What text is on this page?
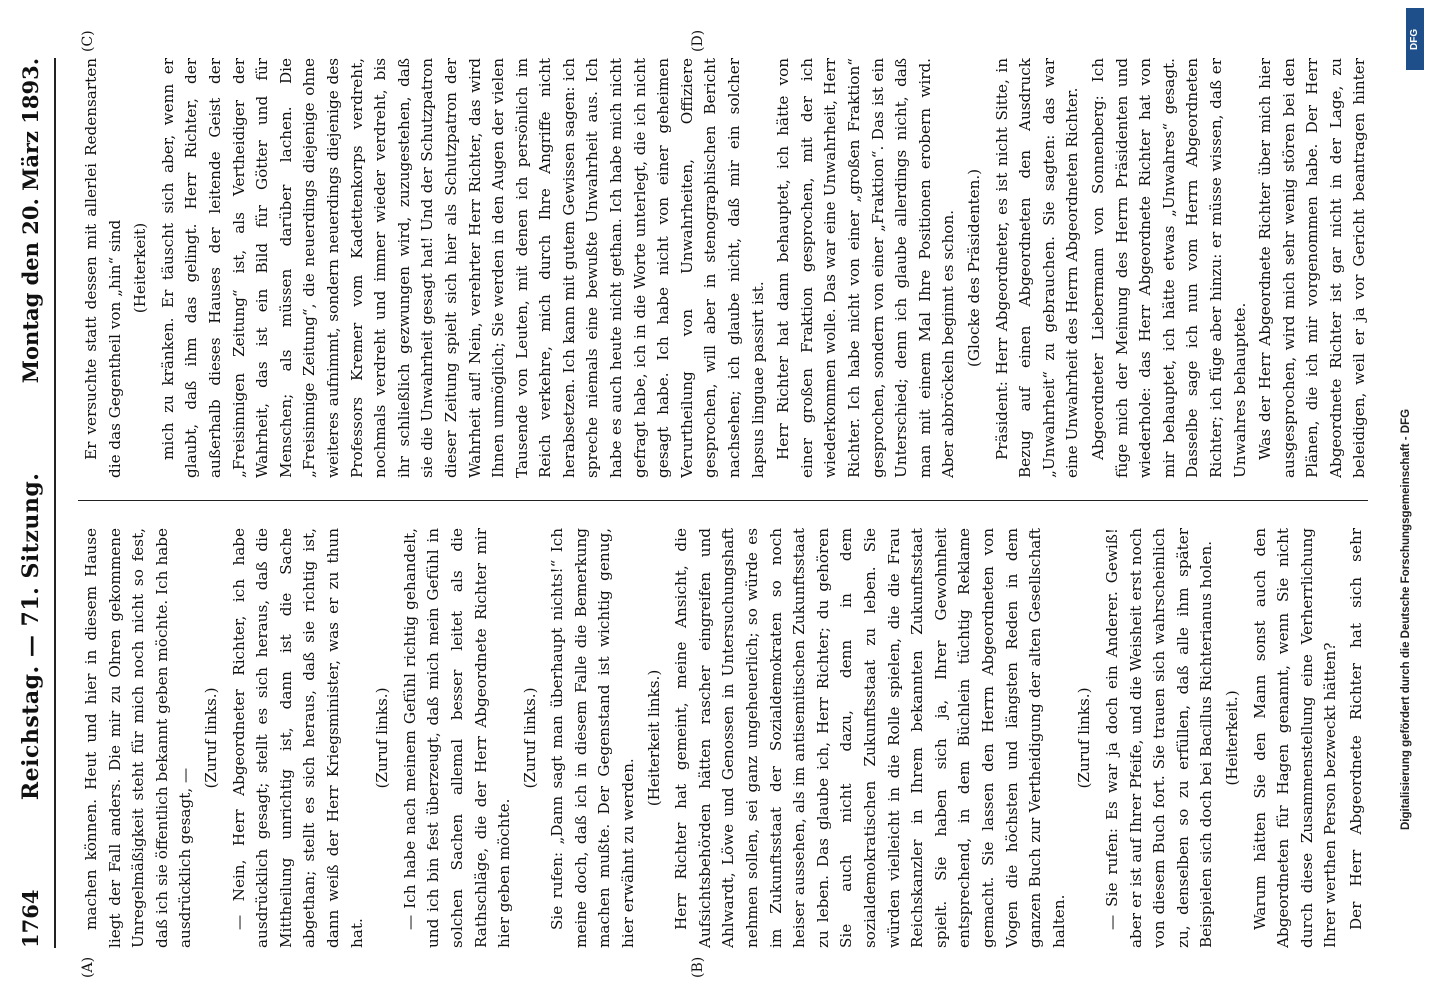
1764
Reichstag. — 71. Sitzung.
Montag den 20. März 1893.
(A)	(B)
(C)	(D)

machen können. Heut und hier in diesem Hause liegt der Fall anders. Die mir zu Ohren gekommene Unregelmäßigkeit steht für mich noch nicht so fest, daß ich sie öffentlich bekannt geben möchte. Ich habe ausdrücklich gesagt, —

(Zuruf links.) — Nein, Herr Abgeordneter Richter, ich habe ausdrücklich gesagt; stellt es sich heraus, daß die Mittheilung unrichtig ist, dann ist die Sache abgethan; stellt es sich heraus, daß sie richtig ist, dann weiß der Herr Kriegsminister, was er zu thun hat.

(Zuruf links.) — Ich habe nach meinem Gefühl richtig gehandelt, und ich bin fest überzeugt, daß mich mein Gefühl in solchen Sachen allemal besser leitet als die Rathschläge, die der Herr Abgeordnete Richter mir hier geben möchte.

(Zuruf links.) Sie rufen: „Dann sagt man überhaupt nichts!“ Ich meine doch, daß ich in diesem Falle die Bemerkung machen mußte. Der Gegenstand ist wichtig genug, hier erwähnt zu werden.

(Heiterkeit links.) Herr Richter hat gemeint, meine Ansicht, die Aufsichtsbehörden hätten rascher eingreifen und Ahlwardt, Löwe und Genossen in Untersuchungshaft nehmen sollen, sei ganz ungeheuerlich; so würde es im Zukunftsstaat der Sozialdemokraten so noch heiser aussehen, als im antisemitischen Zukunftsstaat zu leben. Das glaube ich, Herr Richter; du gehören Sie auch nicht dazu, denn in dem sozialdemokratischen Zukunftsstaat zu leben. Sie würden vielleicht in die Rolle spielen, die die Frau Reichskanzler in Ihrem bekannten Zukunftsstaat spielt. Sie haben sich ja, Ihrer Gewohnheit entsprechend, in dem Büchlein tüchtig Reklame gemacht. Sie lassen den Herrn Abgeordneten von Vogen die höchsten und längsten Reden in dem ganzen Buch zur Vertheidigung der alten Gesellschaft halten.

(Zuruf links.) — Sie rufen: Es war ja doch ein Anderer. Gewiß! aber er ist auf Ihrer Pfeife, und die Weisheit erst noch von diesem Buch fort. Sie trauen sich wahrscheinlich zu, denselben so zu erfüllen, daß alle ihm später Beispielen sich doch bei Bacillus Richterianus holen. (Heiterkeit.) Warum hätten Sie den Mann sonst auch den Abgeordneten für Hagen genannt, wenn Sie nicht durch diese Zusammenstellung eine Verherrlichung Ihrer werthen Person bezweckt hätten? Der Herr Abgeordnete Richter hat sich sehr

Er versuchte statt dessen mit allerlei Redensarten die das Gegentheil von „hin“ sind (Heiterkeit) mich zu kränken. Er täuscht sich aber, wenn er glaubt, daß ihm das gelingt. Herr Richter, der außerhalb dieses Hauses der leitende Geist der „Freisinnigen Zeitung“ ist, als Vertheidiger der Wahrheit, das ist ein Bild für Götter und für Menschen; als müssen darüber lachen. Die „Freisinnige Zeitung“, die neuerdings diejenige ohne weiteres aufnimmt, sondern neuerdings diejenige des Professors Kremer vom Kadettenkorps verdreht, nochmals verdreht und immer wieder verdreht, bis ihr schließlich gezwungen wird, zuzugestehen, daß sie die Unwahrheit gesagt hat! Und der Schutzpatron dieser Zeitung spielt sich hier als Schutzpatron der Wahrheit auf! Nein, verehrter Herr Richter, das wird Ihnen unmöglich; Sie werden in den Augen der vielen Tausende von Leuten, mit denen ich persönlich im Reich verkehre, mich durch Ihre Angriffe nicht herabsetzen. Ich kann mit gutem Gewissen sagen: ich spreche niemals eine bewußte Unwahrheit aus. Ich habe es auch heute nicht gethan. Ich habe mich nicht gefragt habe, ich in die Worte unterlegt, die ich nicht gesagt habe. Ich habe nicht von einer geheimen Verurtheilung von Unwahrheiten, Offiziere gesprochen, will aber in stenographischen Bericht nachsehen; ich glaube nicht, daß mir ein solcher lapsus linguae passirt ist. Herr Richter hat dann behauptet, ich hätte von einer großen Fraktion gesprochen, mit der ich wiederkommen wolle. Das war eine Unwahrheit, Herr Richter. Ich habe nicht von einer „großen Fraktion“ gesprochen, sondern von einer „Fraktion“. Das ist ein Unterschied; denn ich glaube allerdings nicht, daß man mit einem Mal Ihre Positionen erobern wird. Aber abbröckeln beginnt es schon. (Glocke des Präsidenten.) Präsident: Herr Abgeordneter, es ist nicht Sitte, in Bezug auf einen Abgeordneten den Ausdruck „Unwahrheit“ zu gebrauchen. Sie sagten: das war eine Unwahrheit des Herrn Abgeordneten Richter. Abgeordneter Liebermann von Sonnenberg: Ich füge mich der Meinung des Herrn Präsidenten und wiederhole: das Herr Abgeordnete Richter hat von mir behauptet, ich hätte etwas „Unwahres“ gesagt. Dasselbe sage ich nun vom Herrn Abgeordneten Richter; ich füge aber hinzu: er müsse wissen, daß er Unwahres behauptete. Was der Herr Abgeordnete Richter über mich hier ausgesprochen, wird mich sehr wenig stören bei den Plänen, die ich mir vorgenommen habe. Der Herr Abgeordnete Richter ist gar nicht in der Lage, zu beleidigen, weil er ja vor Gericht beantragen hinter

DFG
Digitalisierung gefördert durch die Deutsche Forschungsgemeinschaft - DFG
